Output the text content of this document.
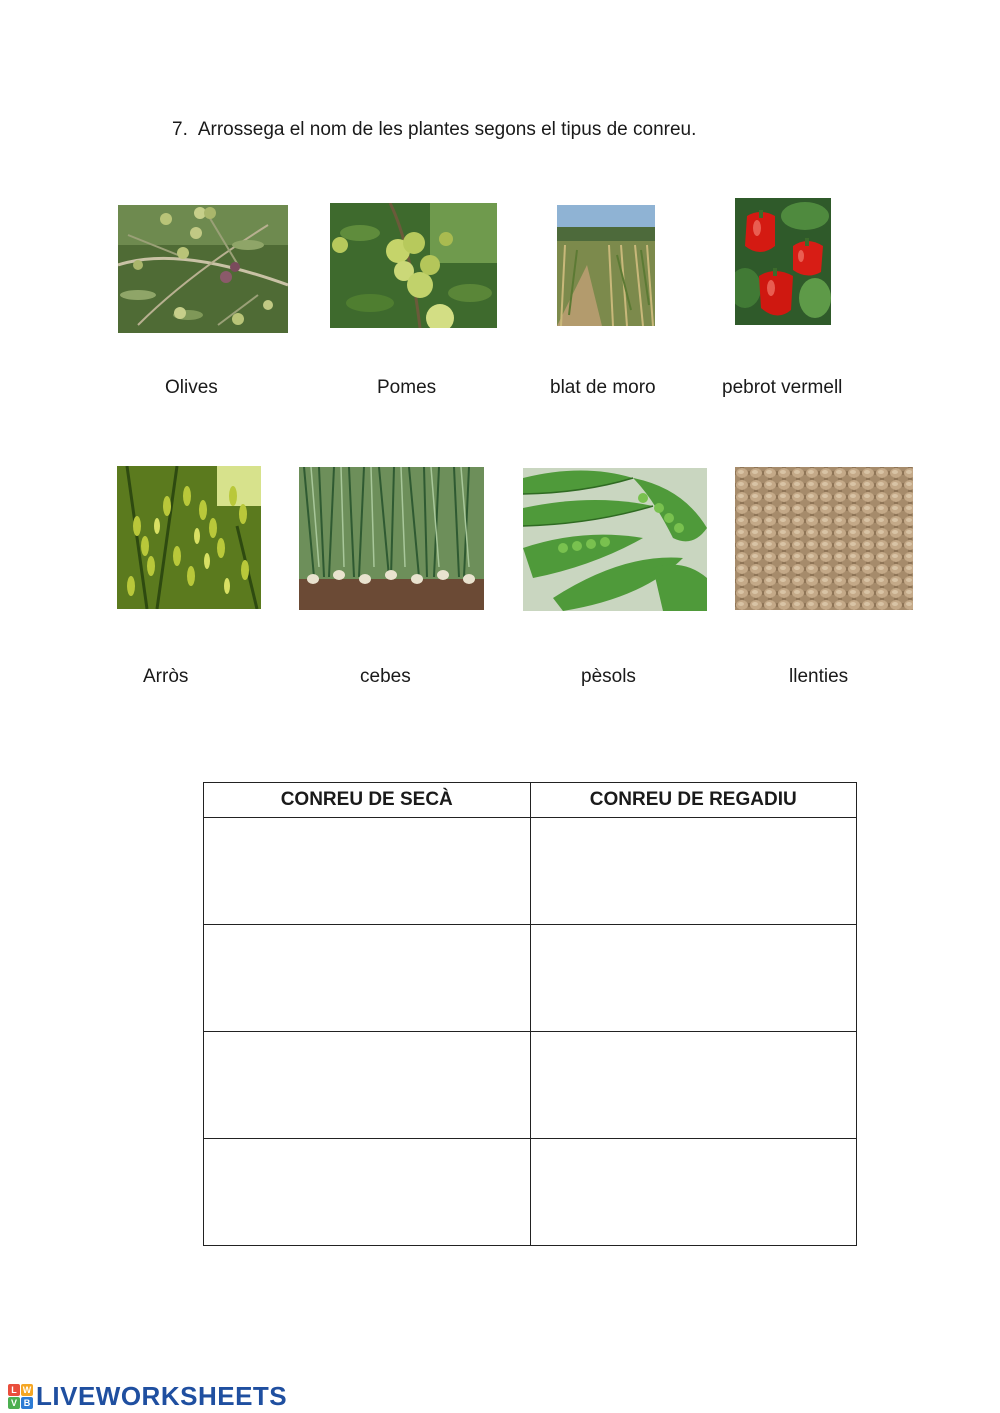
7. Arrossega el nom de les plantes segons el tipus de conreu.
Olives	Pomes	blat de moro	pebrot vermell
Arròs	cebes	pèsols	llenties
CONREU DE SECÀ	CONREU DE REGADIU

L W
V B LIVEWORKSHEETS
